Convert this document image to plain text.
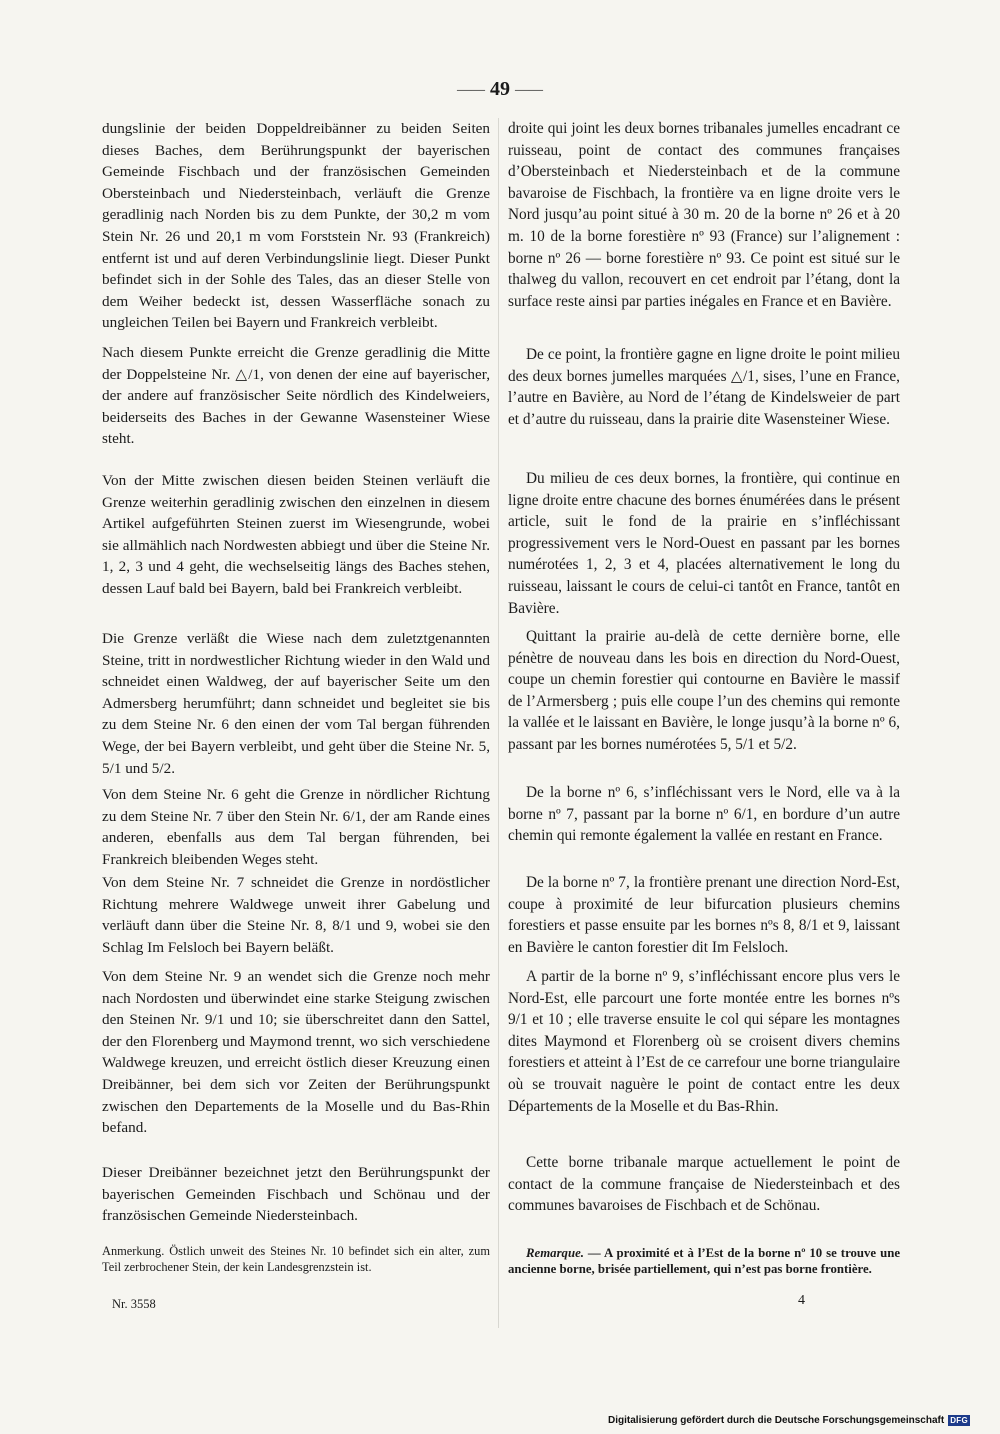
—— 49 ——

dungslinie der beiden Doppeldreibänner zu beiden Seiten dieses Baches, dem Berührungspunkt der bayerischen Gemeinde Fischbach und der französischen Gemeinden Obersteinbach und Niedersteinbach, verläuft die Grenze geradlinig nach Norden bis zu dem Punkte, der 30,2 m vom Stein Nr. 26 und 20,1 m vom Forststein Nr. 93 (Frankreich) entfernt ist und auf deren Verbindungslinie liegt. Dieser Punkt befindet sich in der Sohle des Tales, das an dieser Stelle von dem Weiher bedeckt ist, dessen Wasserfläche sonach zu ungleichen Teilen bei Bayern und Frankreich verbleibt.

Nach diesem Punkte erreicht die Grenze geradlinig die Mitte der Doppelsteine Nr. △/1, von denen der eine auf bayerischer, der andere auf französischer Seite nördlich des Kindelweiers, beiderseits des Baches in der Gewanne Wasensteiner Wiese steht.

Von der Mitte zwischen diesen beiden Steinen verläuft die Grenze weiterhin geradlinig zwischen den einzelnen in diesem Artikel aufgeführten Steinen zuerst im Wiesengrunde, wobei sie allmählich nach Nordwesten abbiegt und über die Steine Nr. 1, 2, 3 und 4 geht, die wechselseitig längs des Baches stehen, dessen Lauf bald bei Bayern, bald bei Frankreich verbleibt.

Die Grenze verläßt die Wiese nach dem zuletztgenannten Steine, tritt in nordwestlicher Richtung wieder in den Wald und schneidet einen Waldweg, der auf bayerischer Seite um den Admersberg herumführt; dann schneidet und begleitet sie bis zu dem Steine Nr. 6 den einen der vom Tal bergan führenden Wege, der bei Bayern verbleibt, und geht über die Steine Nr. 5, 5/1 und 5/2.

Von dem Steine Nr. 6 geht die Grenze in nördlicher Richtung zu dem Steine Nr. 7 über den Stein Nr. 6/1, der am Rande eines anderen, ebenfalls aus dem Tal bergan führenden, bei Frankreich bleibenden Weges steht.

Von dem Steine Nr. 7 schneidet die Grenze in nordöstlicher Richtung mehrere Waldwege unweit ihrer Gabelung und verläuft dann über die Steine Nr. 8, 8/1 und 9, wobei sie den Schlag Im Felsloch bei Bayern beläßt.

Von dem Steine Nr. 9 an wendet sich die Grenze noch mehr nach Nordosten und überwindet eine starke Steigung zwischen den Steinen Nr. 9/1 und 10; sie überschreitet dann den Sattel, der den Florenberg und Maymond trennt, wo sich verschiedene Waldwege kreuzen, und erreicht östlich dieser Kreuzung einen Dreibänner, bei dem sich vor Zeiten der Berührungspunkt zwischen den Departements de la Moselle und du Bas-Rhin befand.

Dieser Dreibänner bezeichnet jetzt den Berührungspunkt der bayerischen Gemeinden Fischbach und Schönau und der französischen Gemeinde Niedersteinbach.

Anmerkung. Östlich unweit des Steines Nr. 10 befindet sich ein alter, zum Teil zerbrochener Stein, der kein Landesgrenzstein ist.

droite qui joint les deux bornes tribanales jumelles encadrant ce ruisseau, point de contact des communes françaises d’Obersteinbach et Niedersteinbach et de la commune bavaroise de Fischbach, la frontière va en ligne droite vers le Nord jusqu’au point situé à 30 m. 20 de la borne nº 26 et à 20 m. 10 de la borne forestière nº 93 (France) sur l’alignement : borne nº 26 — borne forestière nº 93. Ce point est situé sur le thalweg du vallon, recouvert en cet endroit par l’étang, dont la surface reste ainsi par parties inégales en France et en Bavière.

De ce point, la frontière gagne en ligne droite le point milieu des deux bornes jumelles marquées △/1, sises, l’une en France, l’autre en Bavière, au Nord de l’étang de Kindelsweier de part et d’autre du ruisseau, dans la prairie dite Wasensteiner Wiese.

Du milieu de ces deux bornes, la frontière, qui continue en ligne droite entre chacune des bornes énumérées dans le présent article, suit le fond de la prairie en s’infléchissant progressivement vers le Nord-Ouest en passant par les bornes numérotées 1, 2, 3 et 4, placées alternativement le long du ruisseau, laissant le cours de celui-ci tantôt en France, tantôt en Bavière.

Quittant la prairie au-delà de cette dernière borne, elle pénètre de nouveau dans les bois en direction du Nord-Ouest, coupe un chemin forestier qui contourne en Bavière le massif de l’Armersberg ; puis elle coupe l’un des chemins qui remonte la vallée et le laissant en Bavière, le longe jusqu’à la borne nº 6, passant par les bornes numérotées 5, 5/1 et 5/2.

De la borne nº 6, s’infléchissant vers le Nord, elle va à la borne nº 7, passant par la borne nº 6/1, en bordure d’un autre chemin qui remonte également la vallée en restant en France.

De la borne nº 7, la frontière prenant une direction Nord-Est, coupe à proximité de leur bifurcation plusieurs chemins forestiers et passe ensuite par les bornes nºs 8, 8/1 et 9, laissant en Bavière le canton forestier dit Im Felsloch.

A partir de la borne nº 9, s’infléchissant encore plus vers le Nord-Est, elle parcourt une forte montée entre les bornes nºs 9/1 et 10 ; elle traverse ensuite le col qui sépare les montagnes dites Maymond et Florenberg où se croisent divers chemins forestiers et atteint à l’Est de ce carrefour une borne triangulaire où se trouvait naguère le point de contact entre les deux Départements de la Moselle et du Bas-Rhin.

Cette borne tribanale marque actuellement le point de contact de la commune française de Niedersteinbach et des communes bavaroises de Fischbach et de Schönau.

Remarque. — A proximité et à l’Est de la borne nº 10 se trouve une ancienne borne, brisée partiellement, qui n’est pas borne frontière.

Nr. 3558	4
Digitalisierung gefördert durch die Deutsche Forschungsgemeinschaft DFG
